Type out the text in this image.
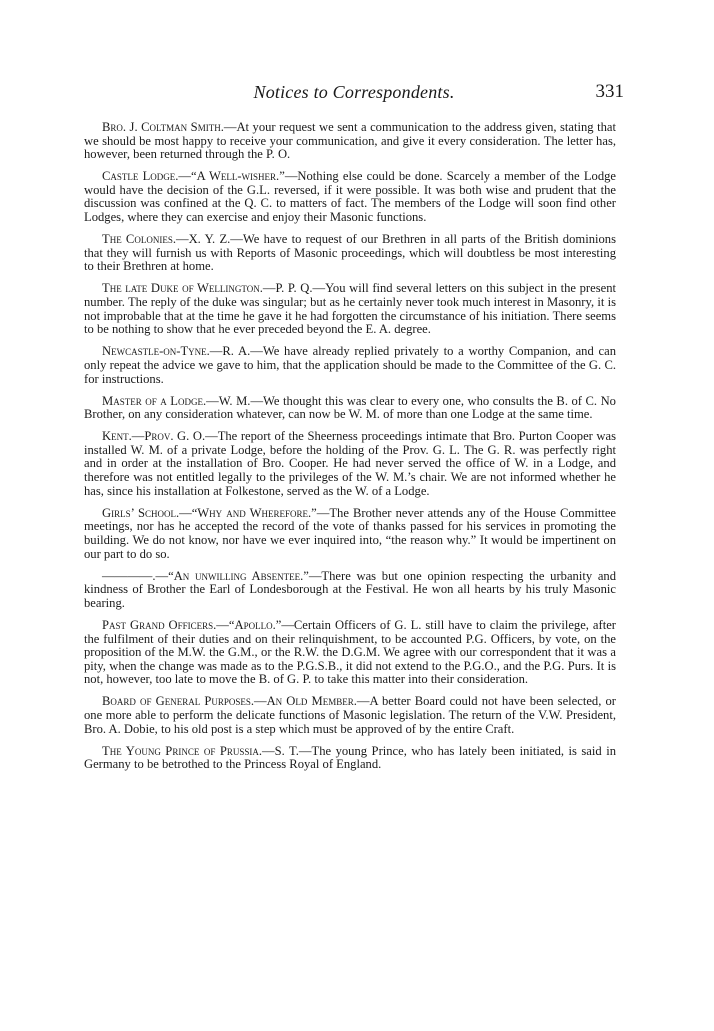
Notices to Correspondents.	331

Bro. J. Coltman Smith.—At your request we sent a communication to the address given, stating that we should be most happy to receive your communication, and give it every consideration. The letter has, however, been returned through the P. O.

Castle Lodge.—“A Well-wisher.”—Nothing else could be done. Scarcely a member of the Lodge would have the decision of the G.L. reversed, if it were possible. It was both wise and prudent that the discussion was confined at the Q. C. to matters of fact. The members of the Lodge will soon find other Lodges, where they can exercise and enjoy their Masonic functions.

The Colonies.—X. Y. Z.—We have to request of our Brethren in all parts of the British dominions that they will furnish us with Reports of Masonic proceedings, which will doubtless be most interesting to their Brethren at home.

The late Duke of Wellington.—P. P. Q.—You will find several letters on this subject in the present number. The reply of the duke was singular; but as he certainly never took much interest in Masonry, it is not improbable that at the time he gave it he had forgotten the circumstance of his initiation. There seems to be nothing to show that he ever preceded beyond the E. A. degree.

Newcastle-on-Tyne.—R. A.—We have already replied privately to a worthy Companion, and can only repeat the advice we gave to him, that the application should be made to the Committee of the G. C. for instructions.

Master of a Lodge.—W. M.—We thought this was clear to every one, who consults the B. of C. No Brother, on any consideration whatever, can now be W. M. of more than one Lodge at the same time.

Kent.—Prov. G. O.—The report of the Sheerness proceedings intimate that Bro. Purton Cooper was installed W. M. of a private Lodge, before the holding of the Prov. G. L. The G. R. was perfectly right and in order at the installation of Bro. Cooper. He had never served the office of W. in a Lodge, and therefore was not entitled legally to the privileges of the W. M.’s chair. We are not informed whether he has, since his installation at Folkestone, served as the W. of a Lodge.

Girls’ School.—“Why and Wherefore.”—The Brother never attends any of the House Committee meetings, nor has he accepted the record of the vote of thanks passed for his services in promoting the building. We do not know, nor have we ever inquired into, “the reason why.” It would be impertinent on our part to do so.

————.—“An unwilling Absentee.”—There was but one opinion respecting the urbanity and kindness of Brother the Earl of Londesborough at the Festival. He won all hearts by his truly Masonic bearing.

Past Grand Officers.—“Apollo.”—Certain Officers of G. L. still have to claim the privilege, after the fulfilment of their duties and on their relinquishment, to be accounted P.G. Officers, by vote, on the proposition of the M.W. the G.M., or the R.W. the D.G.M. We agree with our correspondent that it was a pity, when the change was made as to the P.G.S.B., it did not extend to the P.G.O., and the P.G. Purs. It is not, however, too late to move the B. of G. P. to take this matter into their consideration.

Board of General Purposes.—An Old Member.—A better Board could not have been selected, or one more able to perform the delicate functions of Masonic legislation. The return of the V.W. President, Bro. A. Dobie, to his old post is a step which must be approved of by the entire Craft.

The Young Prince of Prussia.—S. T.—The young Prince, who has lately been initiated, is said in Germany to be betrothed to the Princess Royal of England.
